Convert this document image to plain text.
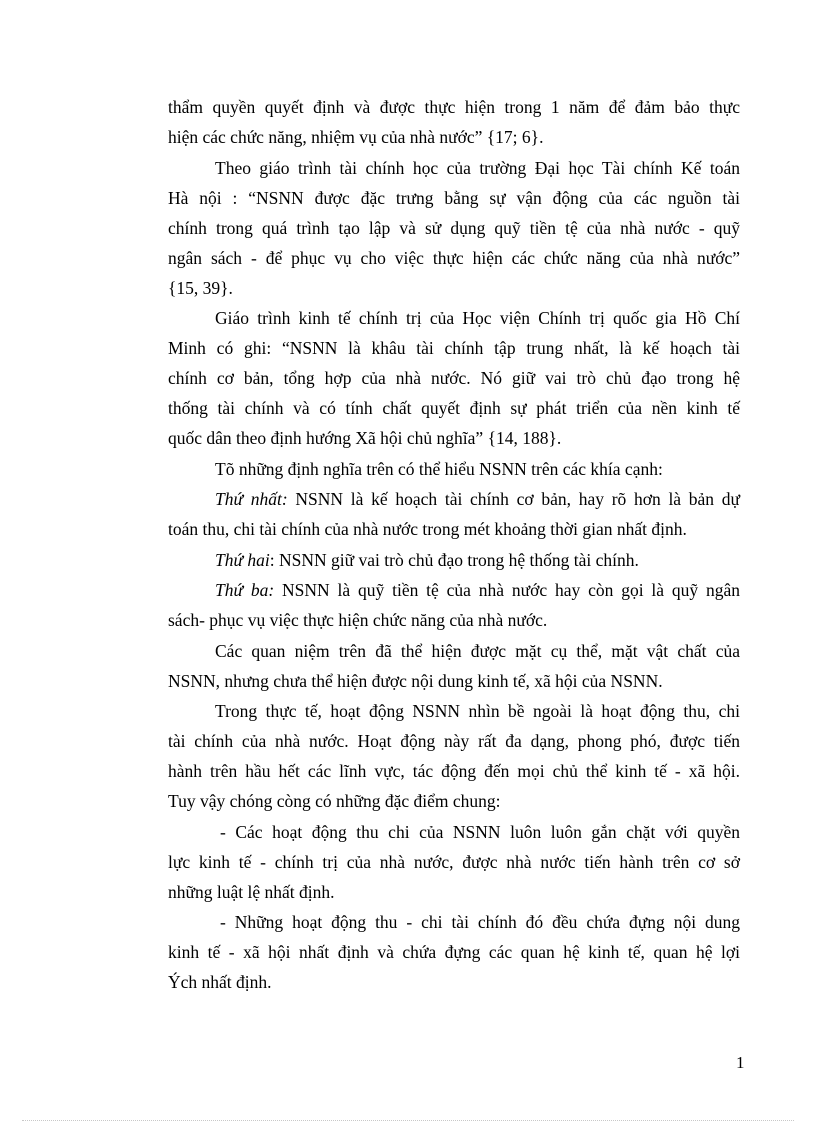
thẩm quyền quyết định và được thực hiện trong 1 năm để đảm bảo thực
hiện các chức năng, nhiệm vụ của nhà nước” {17; 6}.

Theo giáo trình tài chính học của trường Đại học Tài chính Kế toán
Hà nội : “NSNN được đặc trưng bằng sự vận động của các nguồn tài
chính trong quá trình tạo lập và sử dụng quỹ tiền tệ của nhà nước - quỹ
ngân sách - để phục vụ cho việc thực hiện các chức năng của nhà nước”
{15, 39}.

Giáo trình kinh tế chính trị của Học viện Chính trị quốc gia Hồ Chí
Minh có ghi: “NSNN là khâu tài chính tập trung nhất, là kế hoạch tài
chính cơ bản, tổng hợp của nhà nước. Nó giữ vai trò chủ đạo trong hệ
thống tài chính và có tính chất quyết định sự phát triển của nền kinh tế
quốc dân theo định hướng Xã hội chủ nghĩa” {14, 188}.

Tõ những định nghĩa trên có thể hiểu NSNN trên các khía cạnh:

Thứ nhất: NSNN là kế hoạch tài chính cơ bản, hay rõ hơn là bản dự
toán thu, chi tài chính của nhà nước trong mét khoảng thời gian nhất định.

Thứ hai: NSNN giữ vai trò chủ đạo trong hệ thống tài chính.

Thứ ba: NSNN là quỹ tiền tệ của nhà nước hay còn gọi là quỹ ngân
sách- phục vụ việc thực hiện chức năng của nhà nước.

Các quan niệm trên đã thể hiện được mặt cụ thể, mặt vật chất của
NSNN, nhưng chưa thể hiện được nội dung kinh tế, xã hội của NSNN.

Trong thực tế, hoạt động NSNN nhìn bề ngoài là hoạt động thu, chi
tài chính của nhà nước. Hoạt động này rất đa dạng, phong phó, được tiến
hành trên hầu hết các lĩnh vực, tác động đến mọi chủ thể kinh tế - xã hội.
Tuy vậy chóng còng có những đặc điểm chung:

- Các hoạt động thu chi của NSNN luôn luôn gắn chặt với quyền
lực kinh tế - chính trị của nhà nước, được nhà nước tiến hành trên cơ sở
những luật lệ nhất định.

- Những hoạt động thu - chi tài chính đó đều chứa đựng nội dung
kinh tế - xã hội nhất định và chứa đựng các quan hệ kinh tế, quan hệ lợi
Ých nhất định.

1
